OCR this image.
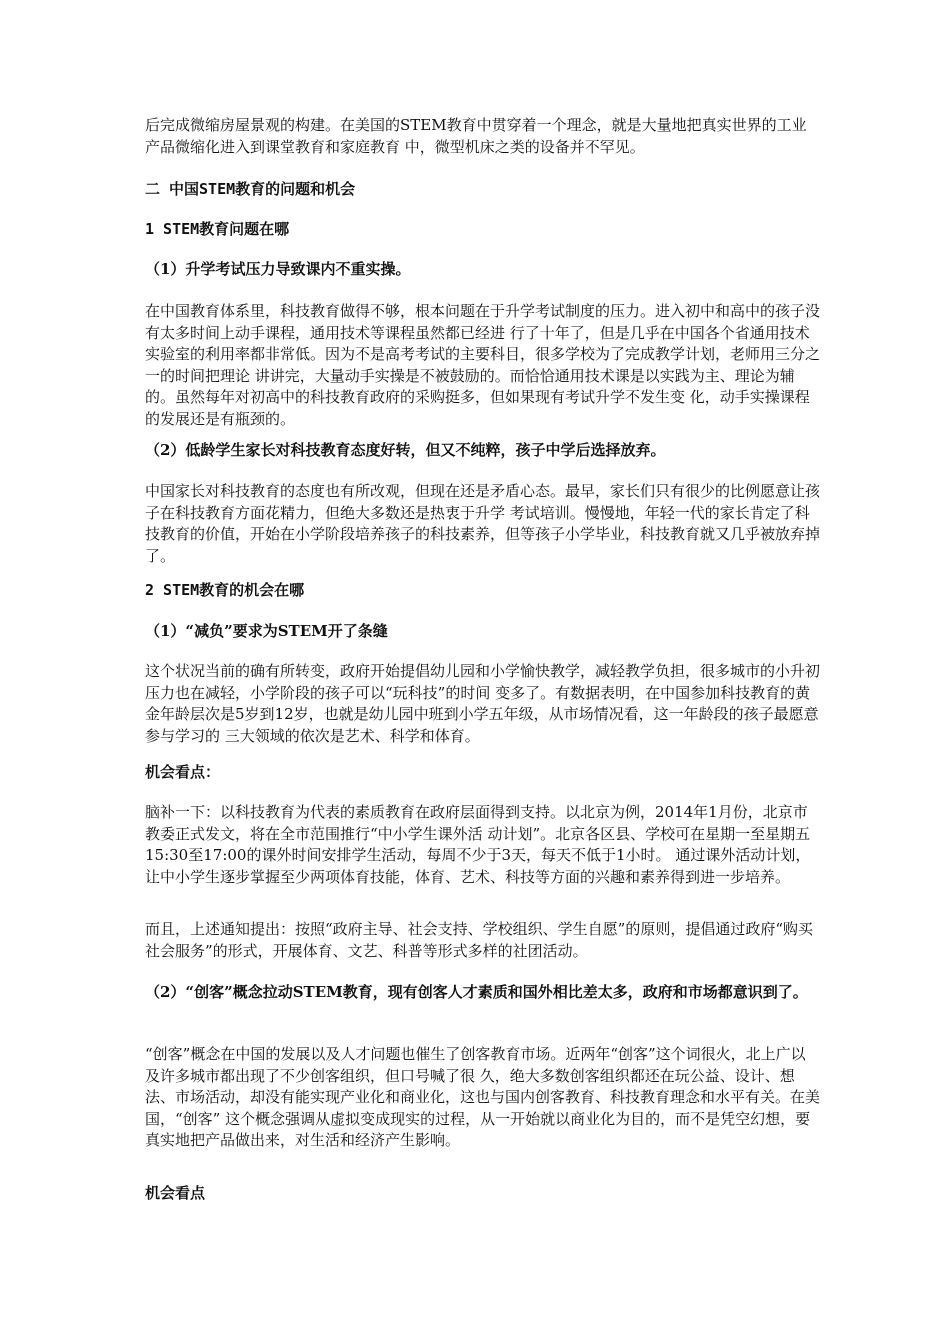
后完成微缩房屋景观的构建。在美国的STEM教育中贯穿着一个理念，就是大量地把真实世界的工业产品微缩化进入到课堂教育和家庭教育 中，微型机床之类的设备并不罕见。

二 中国STEM教育的问题和机会

1 STEM教育问题在哪

（1）升学考试压力导致课内不重实操。

在中国教育体系里，科技教育做得不够，根本问题在于升学考试制度的压力。进入初中和高中的孩子没有太多时间上动手课程，通用技术等课程虽然都已经进 行了十年了，但是几乎在中国各个省通用技术实验室的利用率都非常低。因为不是高考考试的主要科目，很多学校为了完成教学计划，老师用三分之一的时间把理论 讲讲完，大量动手实操是不被鼓励的。而恰恰通用技术课是以实践为主、理论为辅的。虽然每年对初高中的科技教育政府的采购挺多，但如果现有考试升学不发生变 化，动手实操课程的发展还是有瓶颈的。

（2）低龄学生家长对科技教育态度好转，但又不纯粹，孩子中学后选择放弃。

中国家长对科技教育的态度也有所改观，但现在还是矛盾心态。最早，家长们只有很少的比例愿意让孩子在科技教育方面花精力，但绝大多数还是热衷于升学 考试培训。慢慢地，年轻一代的家长肯定了科技教育的价值，开始在小学阶段培养孩子的科技素养，但等孩子小学毕业，科技教育就又几乎被放弃掉了。

2 STEM教育的机会在哪

（1）“减负”要求为STEM开了条缝

这个状况当前的确有所转变，政府开始提倡幼儿园和小学愉快教学，减轻教学负担，很多城市的小升初压力也在减轻，小学阶段的孩子可以“玩科技”的时间 变多了。有数据表明，在中国参加科技教育的黄金年龄层次是5岁到12岁，也就是幼儿园中班到小学五年级，从市场情况看，这一年龄段的孩子最愿意参与学习的 三大领域的依次是艺术、科学和体育。

机会看点：

脑补一下：以科技教育为代表的素质教育在政府层面得到支持。以北京为例，2014年1月份，北京市教委正式发文，将在全市范围推行“中小学生课外活 动计划”。北京各区县、学校可在星期一至星期五15:30至17:00的课外时间安排学生活动，每周不少于3天，每天不低于1小时。 通过课外活动计划， 让中小学生逐步掌握至少两项体育技能，体育、艺术、科技等方面的兴趣和素养得到进一步培养。

而且，上述通知提出：按照“政府主导、社会支持、学校组织、学生自愿”的原则，提倡通过政府“购买社会服务”的形式，开展体育、文艺、科普等形式多样的社团活动。

（2）“创客”概念拉动STEM教育，现有创客人才素质和国外相比差太多，政府和市场都意识到了。

“创客”概念在中国的发展以及人才问题也催生了创客教育市场。近两年“创客”这个词很火，北上广以及许多城市都出现了不少创客组织，但口号喊了很 久，绝大多数创客组织都还在玩公益、设计、想法、市场活动，却没有能实现产业化和商业化，这也与国内创客教育、科技教育理念和水平有关。在美国，“创客” 这个概念强调从虚拟变成现实的过程，从一开始就以商业化为目的，而不是凭空幻想，要真实地把产品做出来，对生活和经济产生影响。

机会看点
